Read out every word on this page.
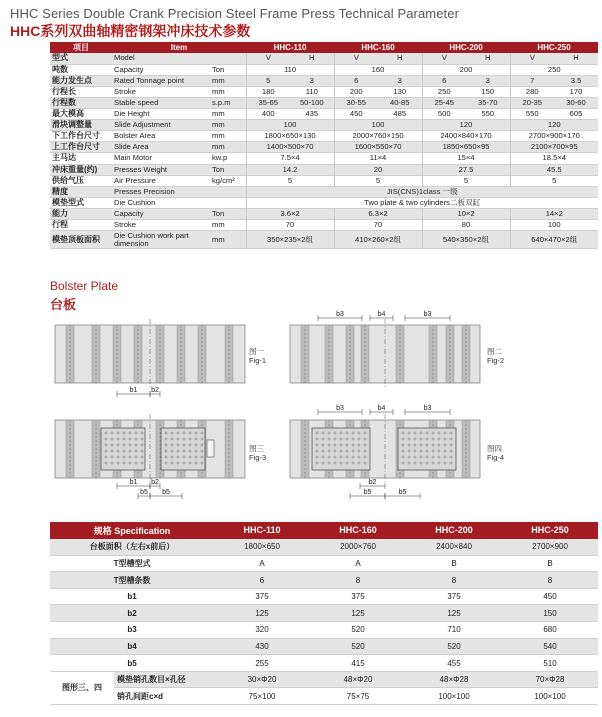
HHC Series Double Crank Precision Steel Frame Press Technical Parameter
HHC系列双曲轴精密钢架冲床技术参数
项目	Item		HHC-110		HHC-160		HHC-200		HHC-250	
型式	Model		V	H	V	H	V	H	V	H
吨数	Capacity	Ton	110		160		200		250	
能力发生点	Rated Tonnage point	mm	5	3	6	3	6	3	7	3.5
行程长	Stroke	mm	180	110	200	130	250	150	280	170
行程数	Stable speed	s.p.m	35-65	50-100	30-55	40-85	25-45	35-70	20-35	30-60
最大模高	Die Height	mm	400	435	450	485	500	550	550	605
滑块调整量	Slide Adjustment	mm	100		100		120		120	
下工作台尺寸	Bolster Area	mm	1800×650×130		2000×760×150		2400×840×170		2700×900×170	
上工作台尺寸	Slide Area	mm	1400×500×70		1600×550×70		1850×650×95		2100×700×95	
主马达	Main Motor	kw.p	7.5×4		11×4		15×4		18.5×4	
冲床重量(约)	Presses Weight	Ton	14.2		20		27.5		45.5	
供给气压	Air Pressure	kg/cm²	5		5		5		5	
精度	Presses Precision		JIS(CNS)1class 一级							
模垫型式	Die Cushion		Two plate & two cylinders二板双缸							
能力	Capacity	Ton	3.6×2		6.3×2		10×2		14×2	
行程	Stroke	mm	70		70		80		100	
模垫顶板面积	Die Cushion work part dimension	mm	350×235×2组		410×260×2组		540×350×2组		640×470×2组	
Bolster Plate
台板
b1 b2
b3	b4	b3
b1 b2
b5 b5
b3	b4	b3
b2
b5	b5
图一
Fig-1
图二
Fig-2
图三
Fig-3
图四
Fig-4
规格 Specification		HHC-110	HHC-160	HHC-200	HHC-250
台板面积（左右x前后）		1800×650	2000×760	2400×840	2700×900
T型槽型式		A	A	B	B
T型槽条数		6	8	8	8
b1		375	375	375	450
b2		125	125	125	150
b3		320	520	710	680
b4		430	520	520	540
b5		255	415	455	510
图形三、四	模垫销孔数目×孔径	30×Φ20	48×Φ20	48×Φ28	70×Φ28
	销孔间距c×d	75×100	75×75	100×100	100×100
